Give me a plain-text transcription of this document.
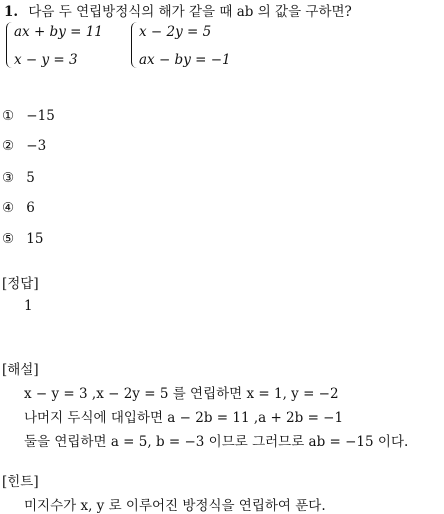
1. 다음 두 연립방정식의 해가 같을 때 ab 의 값을 구하면?
ax + by = 11
x − y = 3
x − 2y = 5
ax − by = −1
① −15
② −3
③ 5
④ 6
⑤ 15
[정답]
1
[해설]
x − y = 3 ,x − 2y = 5 를 연립하면 x = 1, y = −2
나머지 두식에 대입하면 a − 2b = 11 ,a + 2b = −1
둘을 연립하면 a = 5, b = −3 이므로 그러므로 ab = −15 이다.
[힌트]
미지수가 x, y 로 이루어진 방정식을 연립하여 푼다.
